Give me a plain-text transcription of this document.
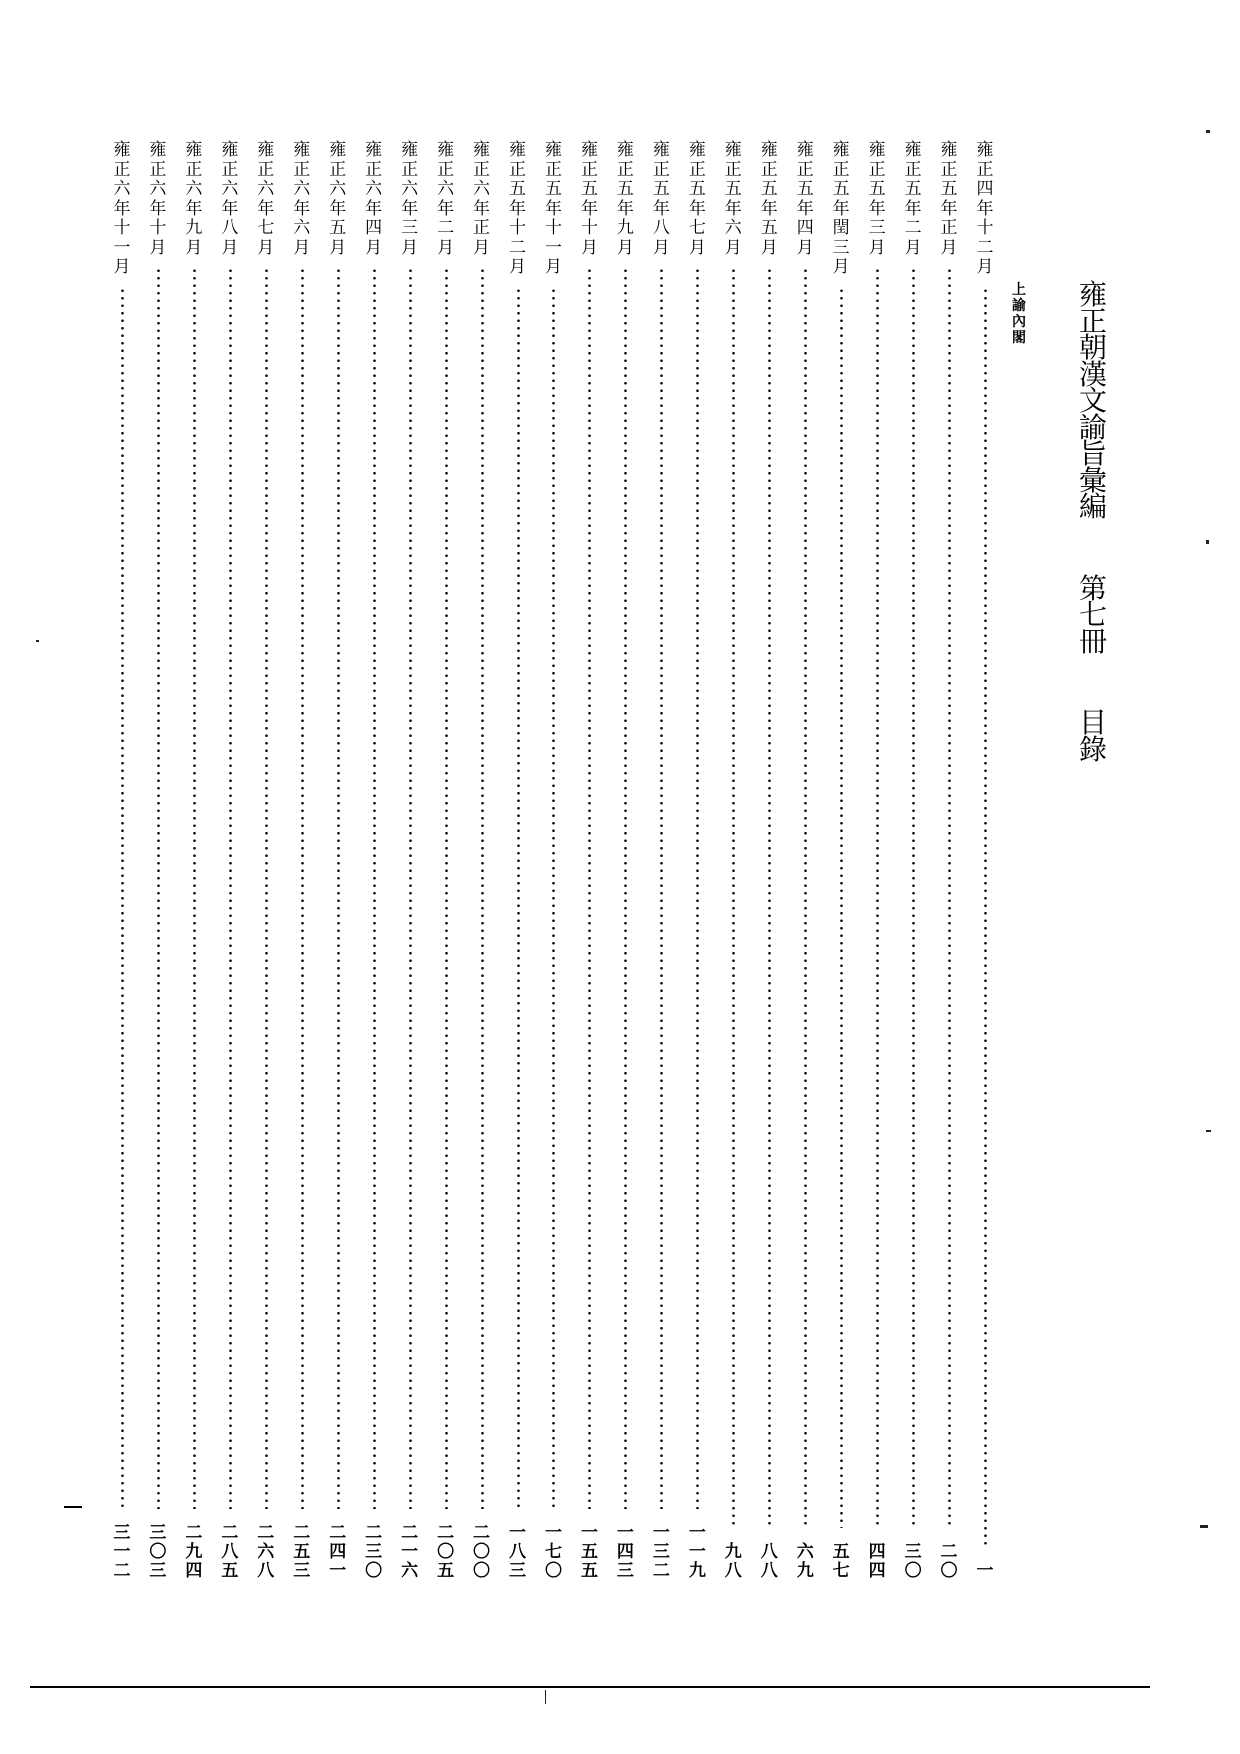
雍
正
朝
漢
文
諭
旨
彙
編
第
七
冊
目
錄
上
諭
內
閣
雍
正
四
年
十
二
月
一
雍
正
五
年
正
月
二
〇
雍
正
五
年
二
月
三
〇
雍
正
五
年
三
月
四
四
雍
正
五
年
閏
三
月
五
七
雍
正
五
年
四
月
六
九
雍
正
五
年
五
月
八
八
雍
正
五
年
六
月
九
八
雍
正
五
年
七
月
一
一
九
雍
正
五
年
八
月
一
三
二
雍
正
五
年
九
月
一
四
三
雍
正
五
年
十
月
一
五
五
雍
正
五
年
十
一
月
一
七
〇
雍
正
五
年
十
二
月
一
八
三
雍
正
六
年
正
月
二
〇
〇
雍
正
六
年
二
月
二
〇
五
雍
正
六
年
三
月
二
一
六
雍
正
六
年
四
月
二
三
〇
雍
正
六
年
五
月
二
四
一
雍
正
六
年
六
月
二
五
三
雍
正
六
年
七
月
二
六
八
雍
正
六
年
八
月
二
八
五
雍
正
六
年
九
月
二
九
四
雍
正
六
年
十
月
三
〇
三
雍
正
六
年
十
一
月
三
一
二
